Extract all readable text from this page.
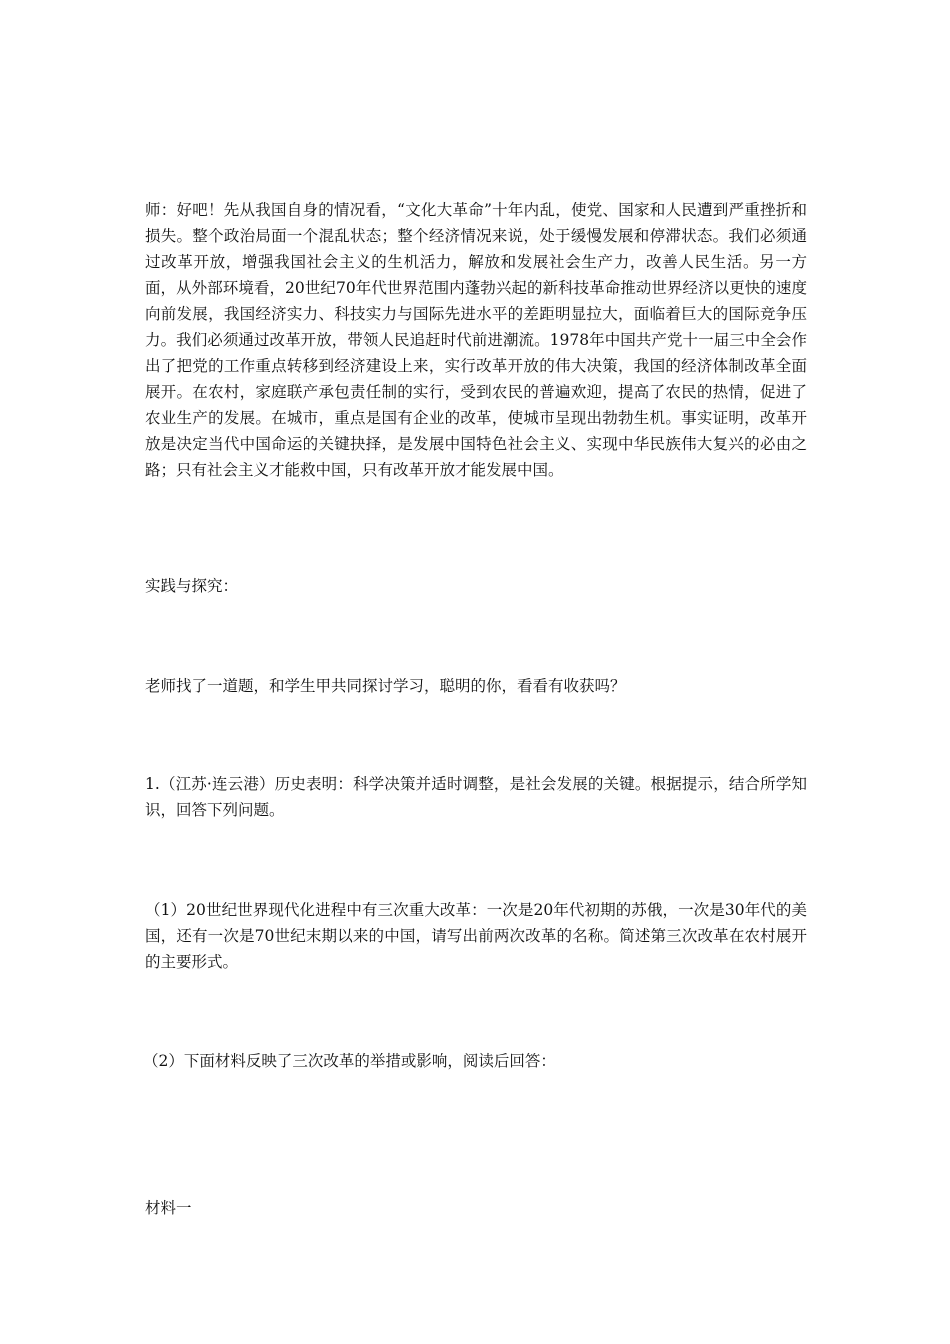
师：好吧！先从我国自身的情况看，“文化大革命”十年内乱，使党、国家和人民遭到严重挫折和损失。整个政治局面一个混乱状态；整个经济情况来说，处于缓慢发展和停滞状态。我们必须通过改革开放，增强我国社会主义的生机活力，解放和发展社会生产力，改善人民生活。另一方面，从外部环境看，20世纪70年代世界范围内蓬勃兴起的新科技革命推动世界经济以更快的速度向前发展，我国经济实力、科技实力与国际先进水平的差距明显拉大，面临着巨大的国际竞争压力。我们必须通过改革开放，带领人民追赶时代前进潮流。1978年中国共产党十一届三中全会作出了把党的工作重点转移到经济建设上来，实行改革开放的伟大决策，我国的经济体制改革全面展开。在农村，家庭联产承包责任制的实行，受到农民的普遍欢迎，提高了农民的热情，促进了农业生产的发展。在城市，重点是国有企业的改革，使城市呈现出勃勃生机。事实证明，改革开放是决定当代中国命运的关键抉择，是发展中国特色社会主义、实现中华民族伟大复兴的必由之路；只有社会主义才能救中国，只有改革开放才能发展中国。

实践与探究：

老师找了一道题，和学生甲共同探讨学习，聪明的你，看看有收获吗？

1.（江苏·连云港）历史表明：科学决策并适时调整，是社会发展的关键。根据提示，结合所学知识，回答下列问题。

（1）20世纪世界现代化进程中有三次重大改革：一次是20年代初期的苏俄，一次是30年代的美国，还有一次是70世纪末期以来的中国，请写出前两次改革的名称。简述第三次改革在农村展开的主要形式。

（2）下面材料反映了三次改革的举措或影响，阅读后回答：

材料一
